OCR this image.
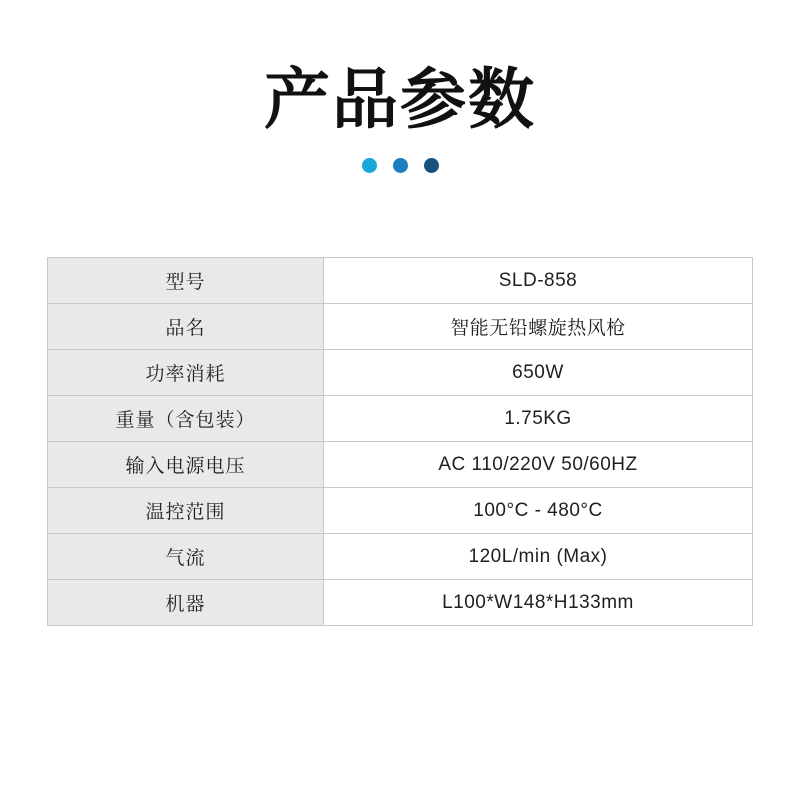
产品参数
型号	SLD-858
品名	智能无铅螺旋热风枪
功率消耗	650W
重量（含包装）	1.75KG
输入电源电压	AC 110/220V 50/60HZ
温控范围	100°C - 480°C
气流	120L/min (Max)
机器	L100*W148*H133mm
